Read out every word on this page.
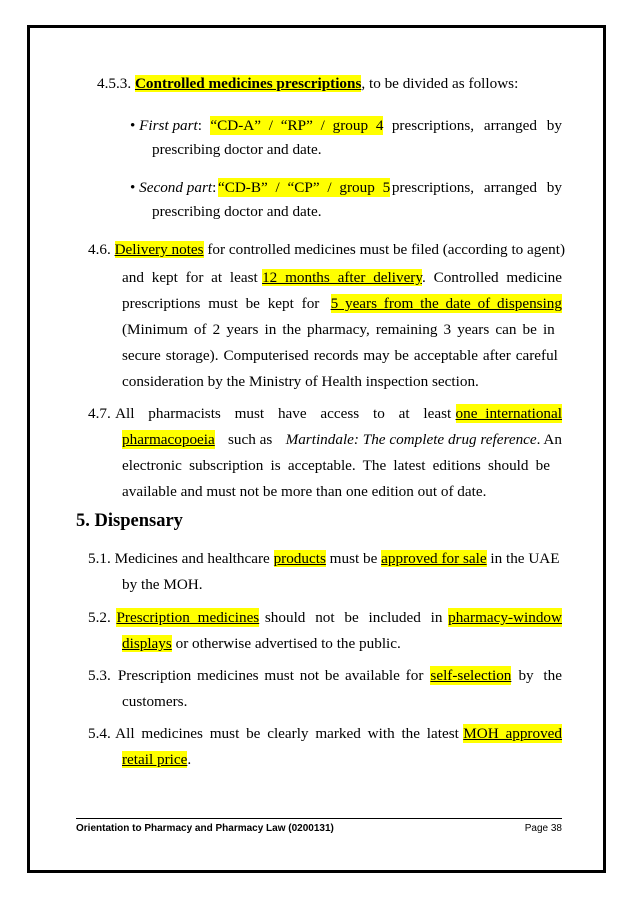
4.5.3. Controlled medicines prescriptions, to be divided as follows:
• First part: “CD-A” / “RP” / group 4 prescriptions, arranged by
prescribing doctor and date.
• Second part: “CD-B” / “CP” / group 5 prescriptions, arranged by
prescribing doctor and date.
4.6. Delivery notes for controlled medicines must be filed (according to agent)
and kept for at least 12 months after delivery. Controlled medicine
prescriptions must be kept for 5 years from the date of dispensing
(Minimum of 2 years in the pharmacy, remaining 3 years can be in
secure storage). Computerised records may be acceptable after careful
consideration by the Ministry of Health inspection section.
4.7. All pharmacists must have access to at least one international
pharmacopoeia such as Martindale: The complete drug reference. An
electronic subscription is acceptable. The latest editions should be
available and must not be more than one edition out of date.
5. Dispensary
5.1. Medicines and healthcare products must be approved for sale in the UAE
by the MOH.
5.2. Prescription medicines should not be included in pharmacy-window
displays or otherwise advertised to the public.
5.3. Prescription medicines must not be available for self-selection by the
customers.
5.4. All medicines must be clearly marked with the latest MOH approved
retail price.
Orientation to Pharmacy and Pharmacy Law (0200131)	Page 38
